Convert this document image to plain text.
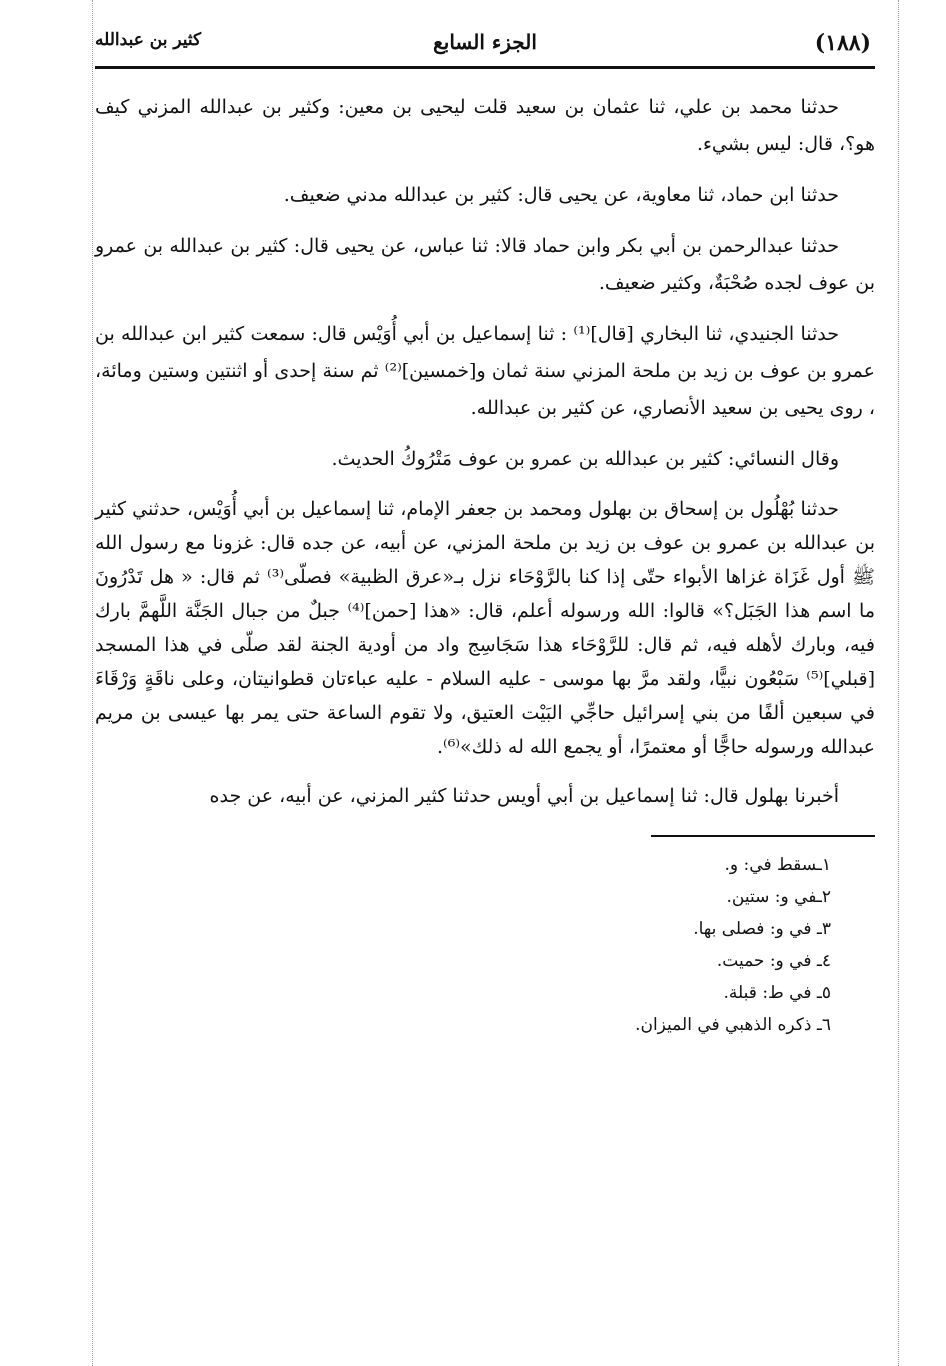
(١٨٨)
الجزء السابع
كثير بن عبدالله

حدثنا محمد بن علي، ثنا عثمان بن سعيد قلت ليحيى بن معين: وكثير بن عبدالله المزني كيف هو؟، قال: ليس بشيء.

حدثنا ابن حماد، ثنا معاوية، عن يحيى قال: كثير بن عبدالله مدني ضعيف.

حدثنا عبدالرحمن بن أبي بكر وابن حماد قالا: ثنا عباس، عن يحيى قال: كثير بن عبدالله بن عمرو بن عوف لجده صُحْبَةٌ، وكثير ضعيف.

حدثنا الجنيدي، ثنا البخاري [قال]⁽¹⁾ : ثنا إسماعيل بن أبي أُوَيْس قال: سمعت كثير ابن عبدالله بن عمرو بن عوف بن زيد بن ملحة المزني سنة ثمان و[خمسين]⁽²⁾ ثم سنة إحدى أو اثنتين وستين ومائة، ، روى يحيى بن سعيد الأنصاري، عن كثير بن عبدالله.

وقال النسائي: كثير بن عبدالله بن عمرو بن عوف مَتْرُوكُ الحديث.

حدثنا بُهْلُول بن إسحاق بن بهلول ومحمد بن جعفر الإمام، ثنا إسماعيل بن أبي أُوَيْس، حدثني كثير بن عبدالله بن عمرو بن عوف بن زيد بن ملحة المزني، عن أبيه، عن جده قال: غزونا مع رسول الله ﷺ أول غَزَاة غزاها الأبواء حتّى إذا كنا بالرَّوْحَاء نزل بـ«عرق الظبية» فصلّى⁽³⁾ ثم قال: « هل تَدْرُونَ ما اسم هذا الجَبَل؟» قالوا: الله ورسوله أعلم، قال: «هذا [حمن]⁽⁴⁾ جبلٌ من جبال الجَنَّة اللَّهمَّ بارك فيه، وبارك لأهله فيه، ثم قال: للرَّوْحَاء هذا سَجَاسِج واد من أودية الجنة لقد صلّى في هذا المسجد [قبلي]⁽⁵⁾ سَبْعُون نبيًّا، ولقد مرَّ بها موسى - عليه السلام - عليه عباءتان قطوانيتان، وعلى ناقَةٍ وَرْقَاءَ في سبعين ألفًا من بني إسرائيل حاجِّي البَيْت العتيق، ولا تقوم الساعة حتى يمر بها عيسى بن مريم عبدالله ورسوله حاجًّا أو معتمرًا، أو يجمع الله له ذلك»⁽⁶⁾.

أخبرنا بهلول قال: ثنا إسماعيل بن أبي أويس حدثنا كثير المزني، عن أبيه، عن جده

١ـسقط في: و.
٢ـفي و: ستين.
٣ـ في و: فصلى بها.
٤ـ في و: حميت.
٥ـ في ط: قبلة.
٦ـ ذكره الذهبي في الميزان.
